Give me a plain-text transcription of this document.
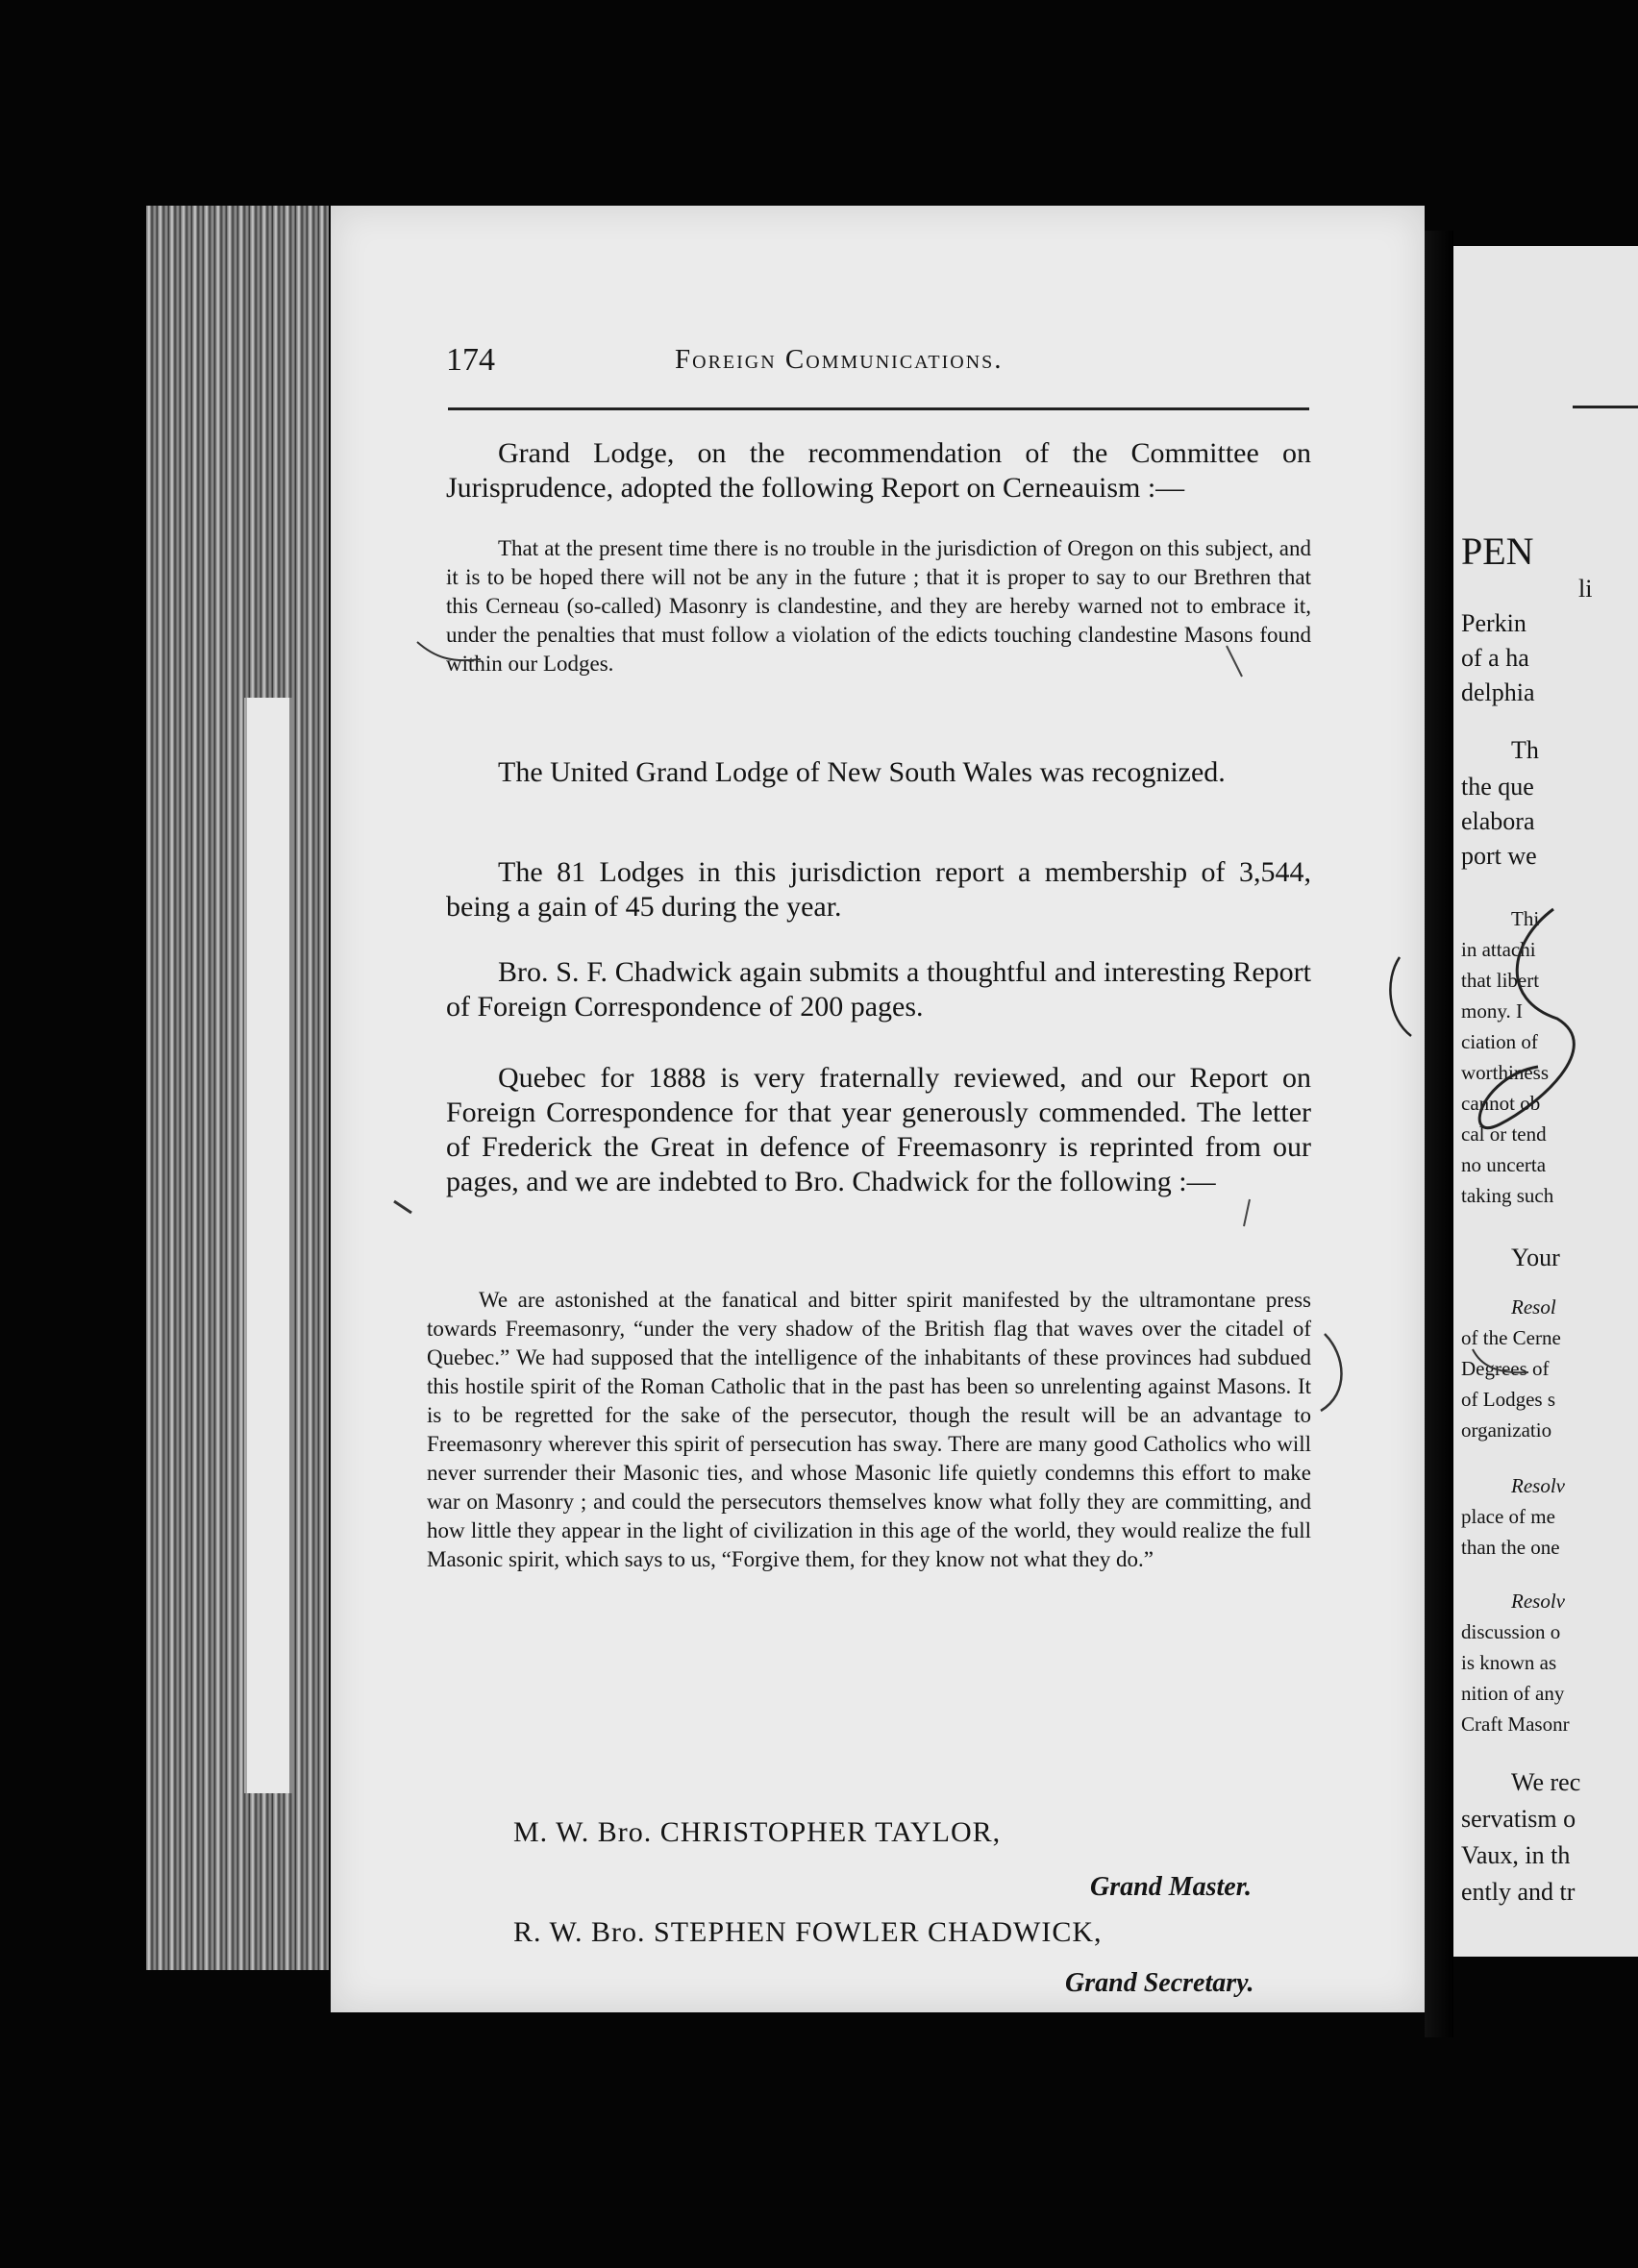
174	Foreign Communications.
Grand Lodge, on the recommendation of the Committee on Jurisprudence, adopted the following Report on Cerneauism :—
That at the present time there is no trouble in the jurisdiction of Oregon on this subject, and it is to be hoped there will not be any in the future ; that it is proper to say to our Brethren that this Cerneau (so-called) Masonry is clandestine, and they are hereby warned not to embrace it, under the penalties that must follow a violation of the edicts touching clandestine Masons found within our Lodges.
The United Grand Lodge of New South Wales was recognized.
The 81 Lodges in this jurisdiction report a membership of 3,544, being a gain of 45 during the year.
Bro. S. F. Chadwick again submits a thoughtful and interesting Report of Foreign Correspondence of 200 pages.
Quebec for 1888 is very fraternally reviewed, and our Report on Foreign Correspondence for that year generously commended. The letter of Frederick the Great in defence of Freemasonry is reprinted from our pages, and we are indebted to Bro. Chadwick for the following :—
We are astonished at the fanatical and bitter spirit manifested by the ultramontane press towards Freemasonry, “under the very shadow of the British flag that waves over the citadel of Quebec.” We had supposed that the intelligence of the inhabitants of these provinces had subdued this hostile spirit of the Roman Catholic that in the past has been so unrelenting against Masons. It is to be regretted for the sake of the persecutor, though the result will be an advantage to Freemasonry wherever this spirit of persecution has sway. There are many good Catholics who will never surrender their Masonic ties, and whose Masonic life quietly condemns this effort to make war on Masonry ; and could the persecutors themselves know what folly they are committing, and how little they appear in the light of civilization in this age of the world, they would realize the full Masonic spirit, which says to us, “Forgive them, for they know not what they do.”
M. W. Bro. CHRISTOPHER TAYLOR,
Grand Master.
R. W. Bro. STEPHEN FOWLER CHADWICK,
Grand Secretary.
PEN
li
Perkin
of a ha
delphia
Th
the que
elabora
port we
Thi
in attachi
that libert
mony. I
ciation of
worthiness
cannot ob
cal or tend
no uncerta
taking such
Your
Resol
of the Cerne
Degrees of
of Lodges s
organizatio
Resolv
place of me
than the one
Resolv
discussion o
is known as
nition of any
Craft Masonr
We rec
servatism o
Vaux, in th
ently and tr
